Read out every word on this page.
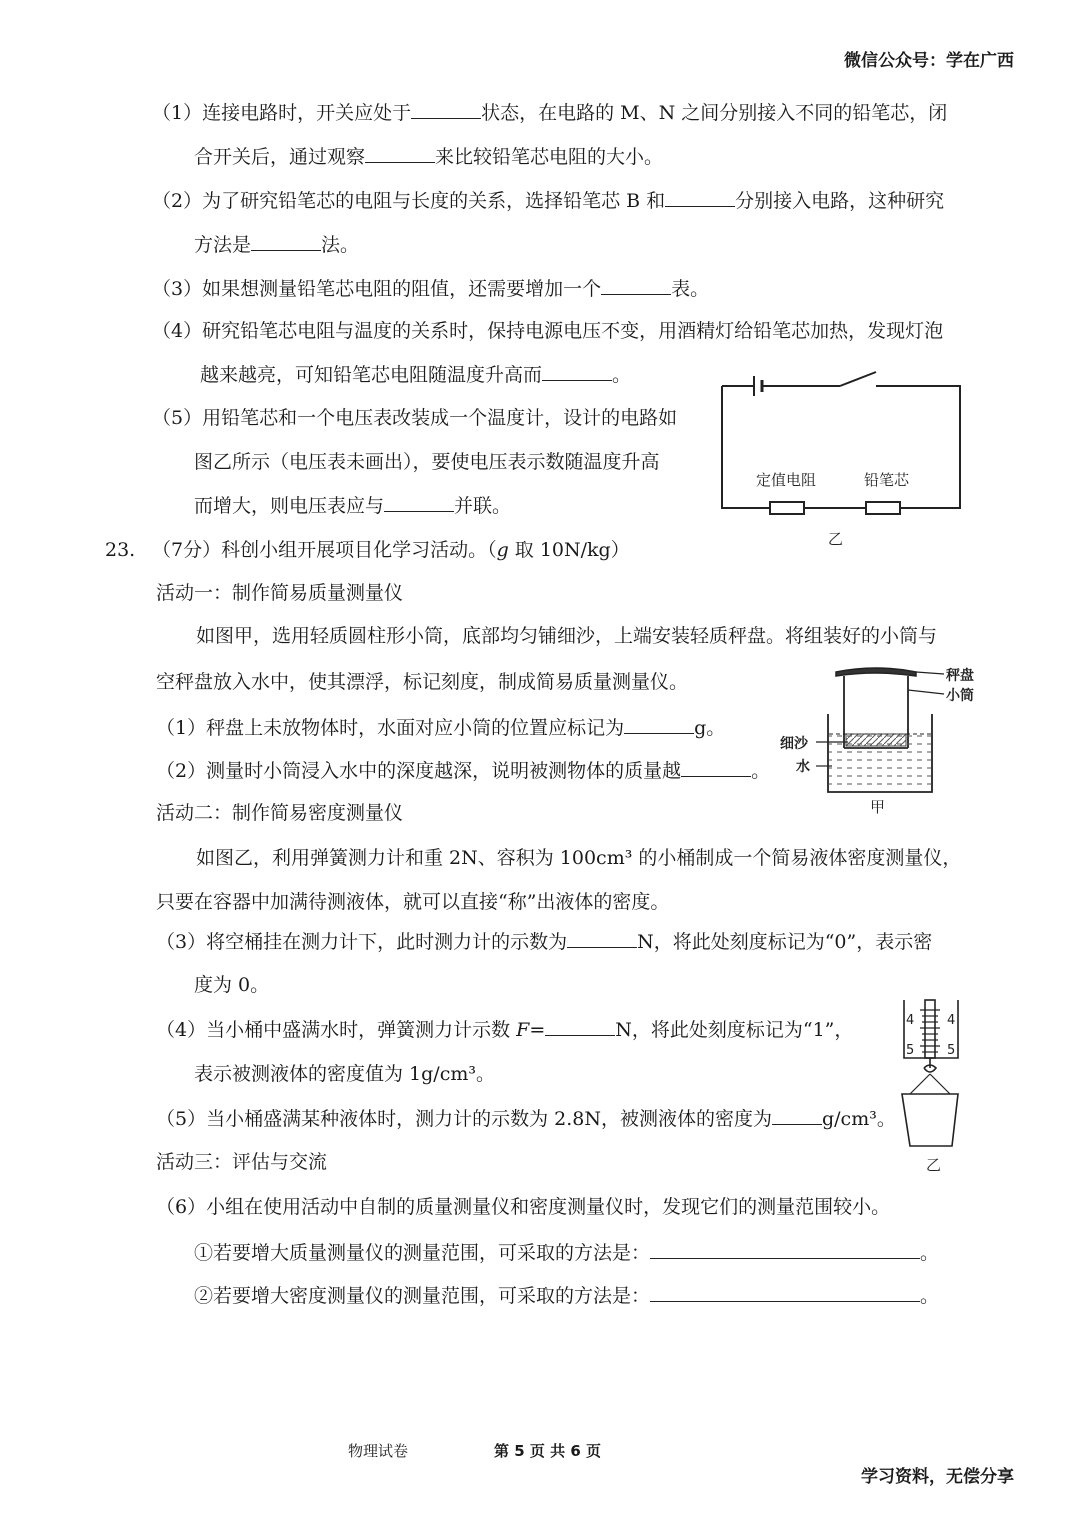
微信公众号：学在广西
（1）连接电路时，开关应处于	状态，在电路的 M、N 之间分别接入不同的铅笔芯，闭
合开关后，通过观察	来比较铅笔芯电阻的大小。
（2）为了研究铅笔芯的电阻与长度的关系，选择铅笔芯 B 和	分别接入电路，这种研究
方法是	法。
（3）如果想测量铅笔芯电阻的阻值，还需要增加一个	表。
（4）研究铅笔芯电阻与温度的关系时，保持电源电压不变，用酒精灯给铅笔芯加热，发现灯泡
越来越亮，可知铅笔芯电阻随温度升高而	。
（5）用铅笔芯和一个电压表改装成一个温度计，设计的电路如
图乙所示（电压表未画出），要使电压表示数随温度升高
而增大，则电压表应与	并联。
定值电阻	铅笔芯
乙
23. （7分）科创小组开展项目化学习活动。（g 取 10N/kg）
活动一：制作简易质量测量仪
如图甲，选用轻质圆柱形小筒，底部均匀铺细沙，上端安装轻质秤盘。将组装好的小筒与
空秤盘放入水中，使其漂浮，标记刻度，制成简易质量测量仪。
（1）秤盘上未放物体时，水面对应小筒的位置应标记为	g。
（2）测量时小筒浸入水中的深度越深，说明被测物体的质量越	。
秤盘
小筒
细沙
水
甲
活动二：制作简易密度测量仪
如图乙，利用弹簧测力计和重 2N、容积为 100cm³ 的小桶制成一个简易液体密度测量仪，
只要在容器中加满待测液体，就可以直接“称”出液体的密度。
（3）将空桶挂在测力计下，此时测力计的示数为	N，将此处刻度标记为“0”，表示密
度为 0。
（4）当小桶中盛满水时，弹簧测力计示数 F=	N，将此处刻度标记为“1”，
表示被测液体的密度值为 1g/cm³。
（5）当小桶盛满某种液体时，测力计的示数为 2.8N，被测液体的密度为	g/cm³。
4	4
5	5
乙
活动三：评估与交流
（6）小组在使用活动中自制的质量测量仪和密度测量仪时，发现它们的测量范围较小。
①若要增大质量测量仪的测量范围，可采取的方法是：	。
②若要增大密度测量仪的测量范围，可采取的方法是：	。
物理试卷	第 5 页 共 6 页
学习资料，无偿分享
